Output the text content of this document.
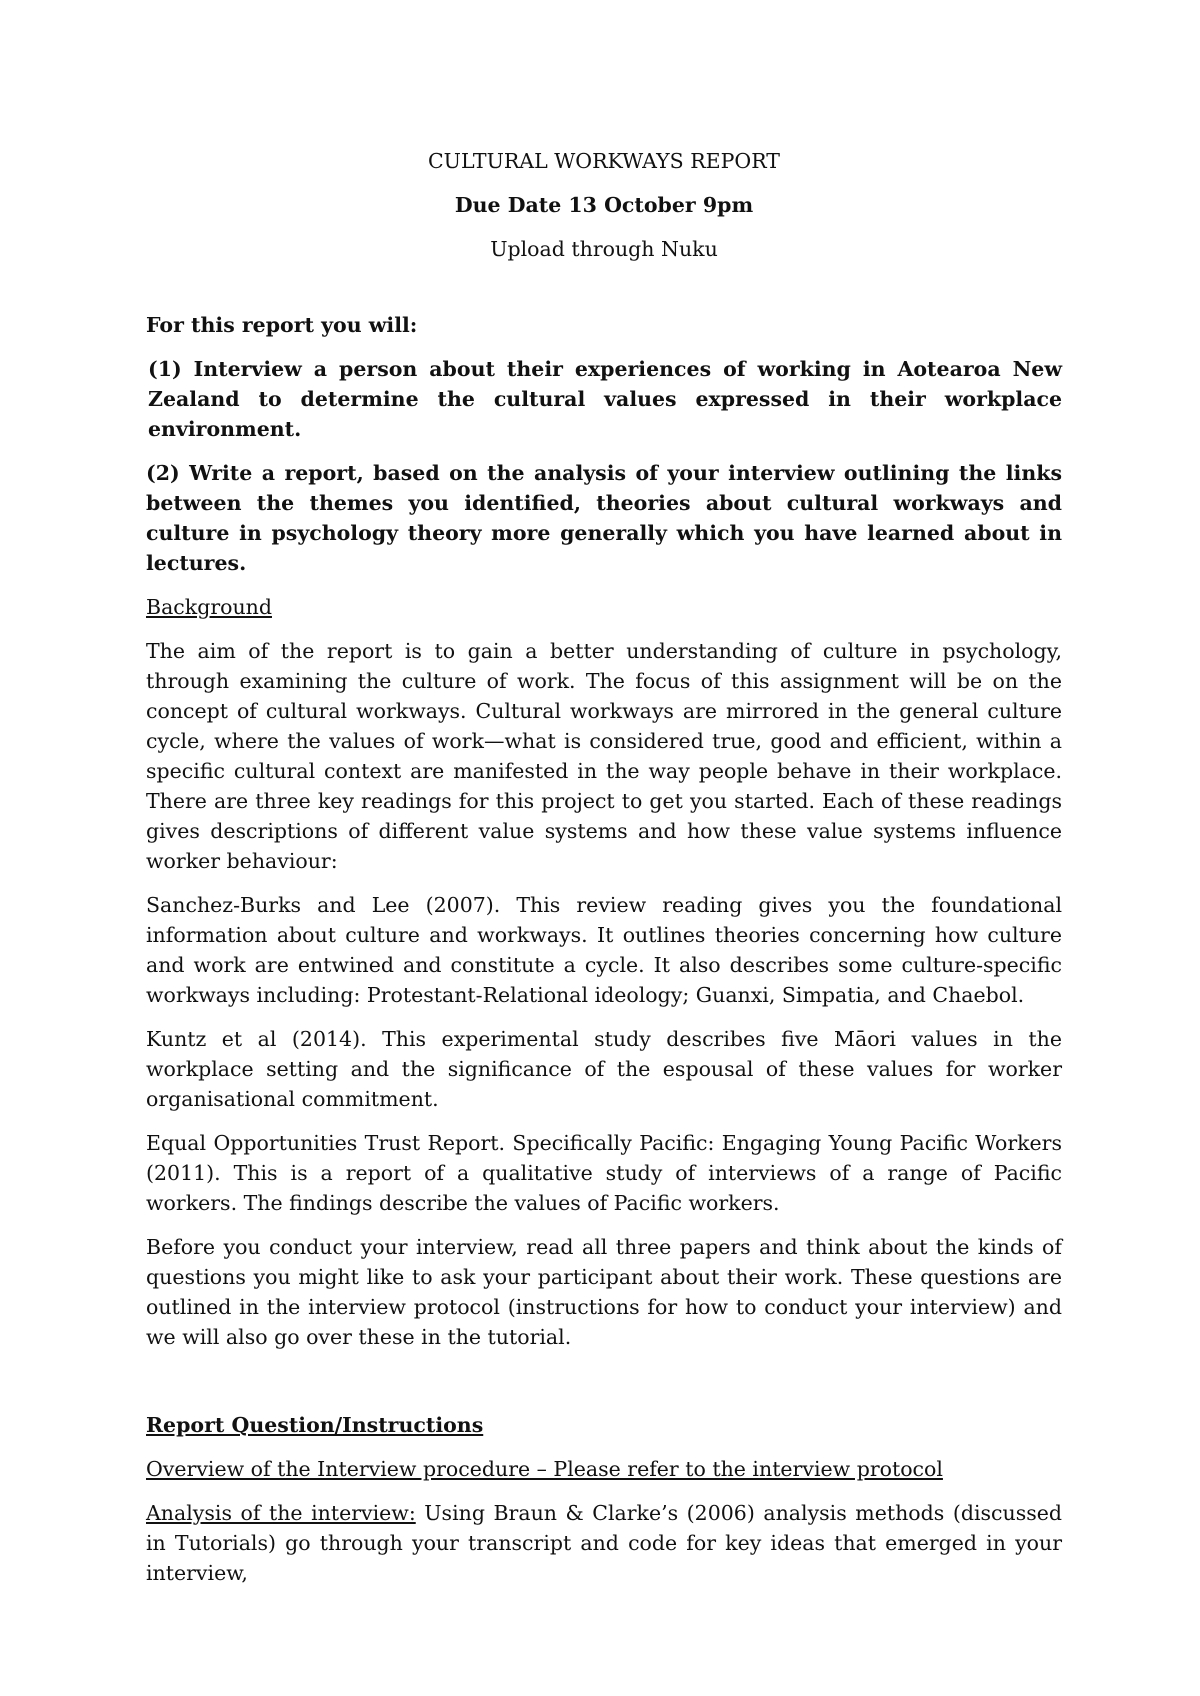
CULTURAL WORKWAYS REPORT

Due Date 13 October 9pm

Upload through Nuku

For this report you will:

(1) Interview a person about their experiences of working in Aotearoa New Zealand to determine the cultural values expressed in their workplace environment.

(2) Write a report, based on the analysis of your interview outlining the links between the themes you identified, theories about cultural workways and culture in psychology theory more generally which you have learned about in lectures.

Background

The aim of the report is to gain a better understanding of culture in psychology, through examining the culture of work. The focus of this assignment will be on the concept of cultural workways. Cultural workways are mirrored in the general culture cycle, where the values of work—what is considered true, good and efficient, within a specific cultural context are manifested in the way people behave in their workplace. There are three key readings for this project to get you started. Each of these readings gives descriptions of different value systems and how these value systems influence worker behaviour:

Sanchez-Burks and Lee (2007). This review reading gives you the foundational information about culture and workways. It outlines theories concerning how culture and work are entwined and constitute a cycle. It also describes some culture-specific workways including: Protestant-Relational ideology; Guanxi, Simpatia, and Chaebol.

Kuntz et al (2014). This experimental study describes five Māori values in the workplace setting and the significance of the espousal of these values for worker organisational commitment.

Equal Opportunities Trust Report. Specifically Pacific: Engaging Young Pacific Workers (2011). This is a report of a qualitative study of interviews of a range of Pacific workers. The findings describe the values of Pacific workers.

Before you conduct your interview, read all three papers and think about the kinds of questions you might like to ask your participant about their work. These questions are outlined in the interview protocol (instructions for how to conduct your interview) and we will also go over these in the tutorial.

Report Question/Instructions

Overview of the Interview procedure – Please refer to the interview protocol

Analysis of the interview: Using Braun & Clarke’s (2006) analysis methods (discussed in Tutorials) go through your transcript and code for key ideas that emerged in your interview,
